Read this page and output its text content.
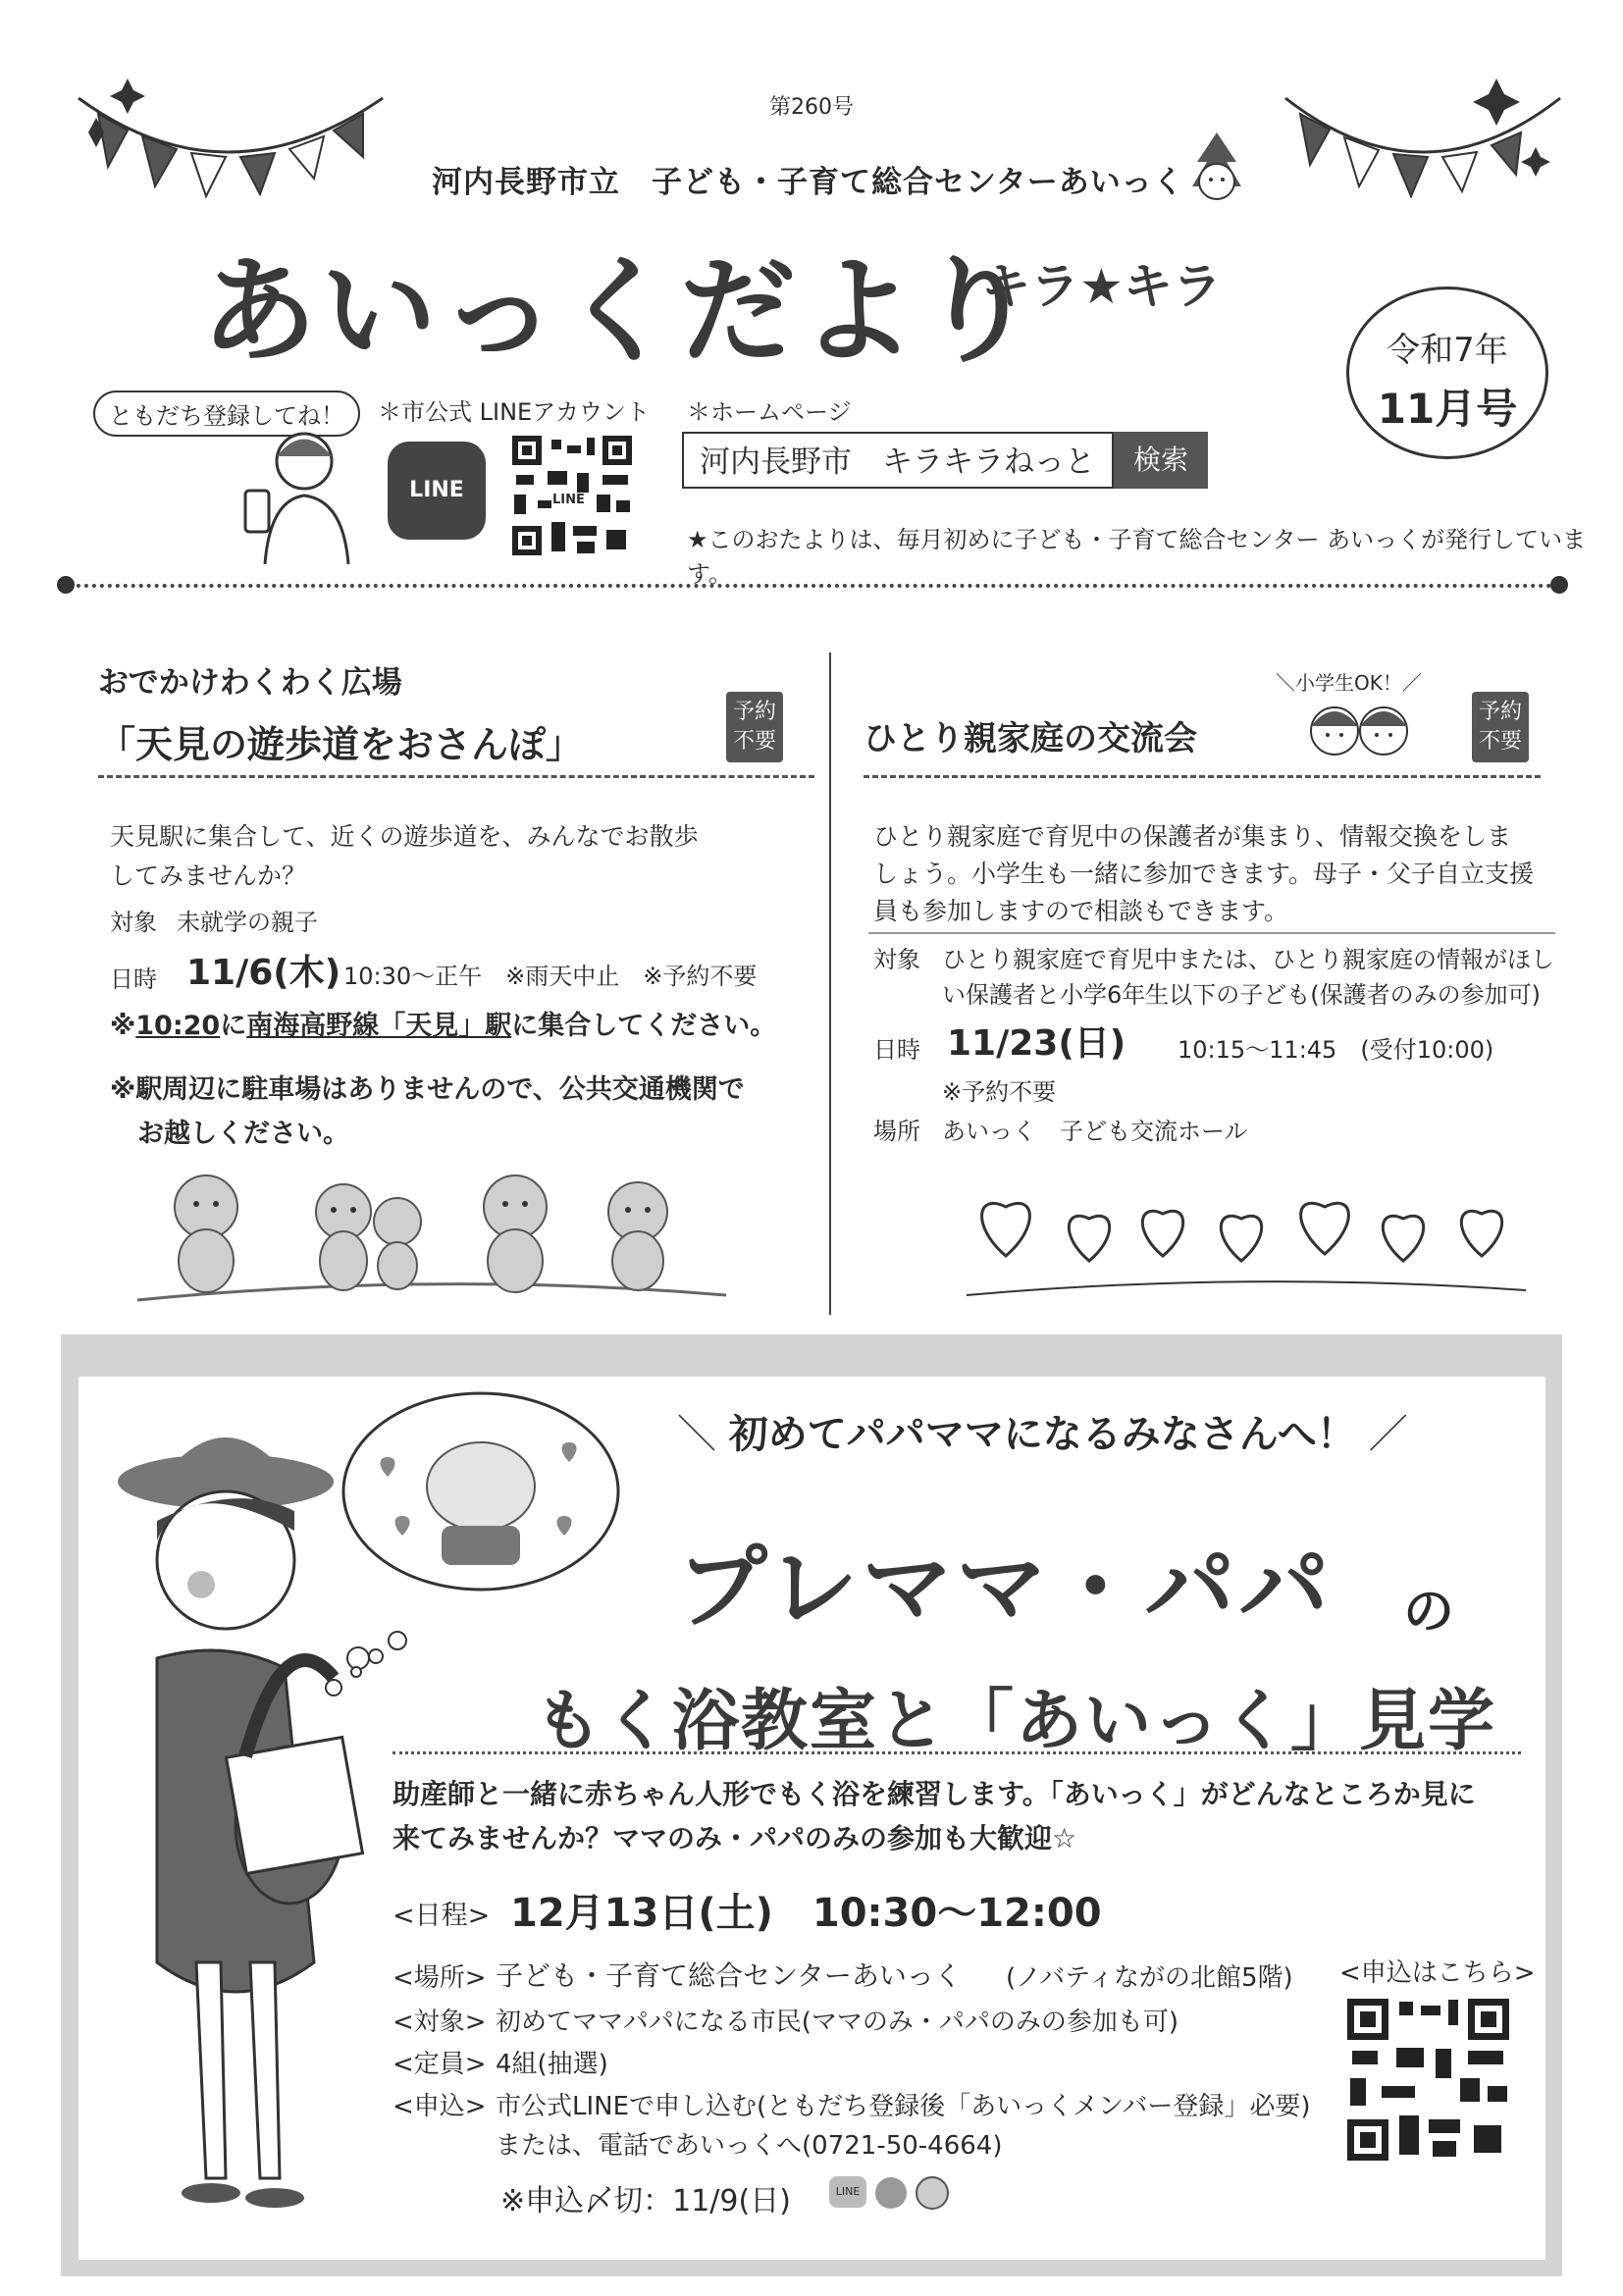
第260号
河内長野市立　子ども・子育て総合センターあいっく
あいっくだより
キラ★キラ
令和7年
11月号
ともだち登録してね！	＊市公式 LINEアカウント
LINE	LINE
＊ホームページ
河内長野市　キラキラねっと	検索
★このおたよりは、毎月初めに子ども・子育て総合センター あいっくが発行しています。
おでかけわくわく広場
「天見の遊歩道をおさんぽ」
予約
不要
天見駅に集合して、近くの遊歩道を、みんなでお散歩
してみませんか？
対象 未就学の親子
日時 11/6(木) 10:30～正午　※雨天中止　※予約不要
※10:20に南海高野線「天見」駅に集合してください。
※駅周辺に駐車場はありませんので、公共交通機関で
お越しください。
ひとり親家庭の交流会
＼小学生OK！／
予約
不要
ひとり親家庭で育児中の保護者が集まり、情報交換をしま
しょう。小学生も一緒に参加できます。母子・父子自立支援
員も参加しますので相談もできます。
対象 ひとり親家庭で育児中または、ひとり親家庭の情報がほし
い保護者と小学6年生以下の子ども(保護者のみの参加可)
日時 11/23(日) 10:15～11:45　(受付10:00)
※予約不要
場所 あいっく　子ども交流ホール
＼ 初めてパパママになるみなさんへ！ ／
プレママ・パパ の
もく浴教室と「あいっく」見学
助産師と一緒に赤ちゃん人形でもく浴を練習します。「あいっく」がどんなところか見に
来てみませんか？ママのみ・パパのみの参加も大歓迎☆
<日程> 12月13日(土)　10:30～12:00
<場所> 子ども・子育て総合センターあいっく (ノバティながの北館5階)
<対象> 初めてママパパになる市民(ママのみ・パパのみの参加も可)
<定員> 4組(抽選)
<申込> 市公式LINEで申し込む(ともだち登録後「あいっくメンバー登録」必要)
または、電話であいっくへ(0721-50-4664)
※申込〆切：11/9(日)	LINE
<申込はこちら>
